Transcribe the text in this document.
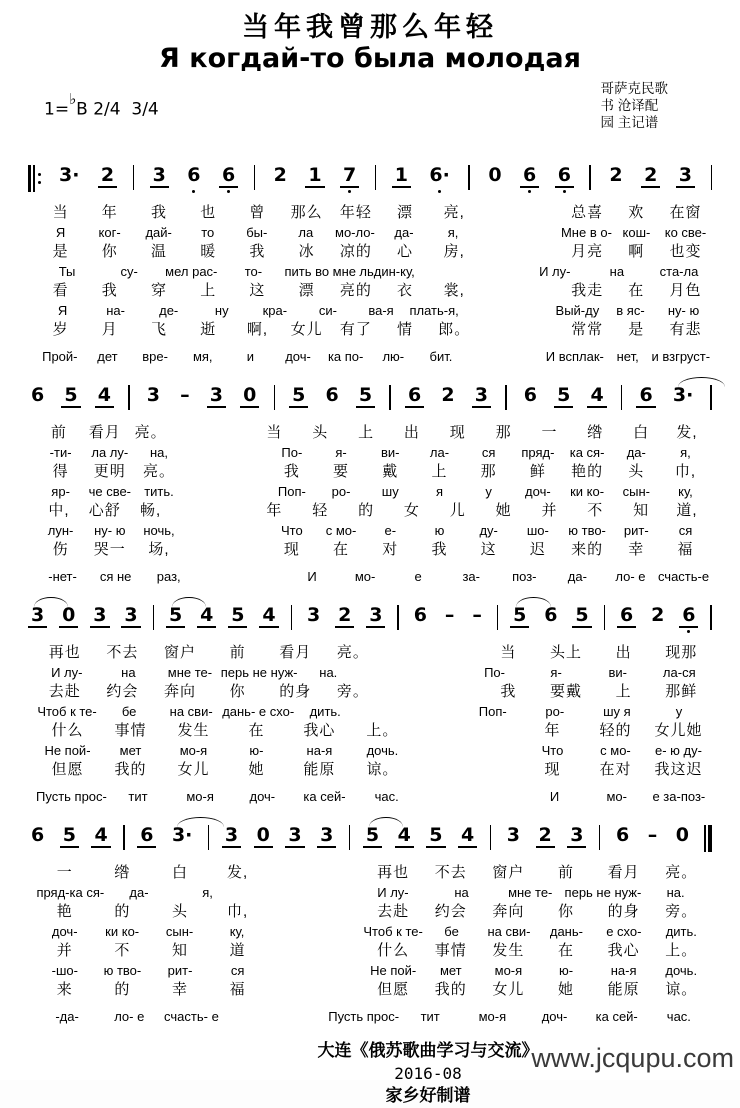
当年我曾那么年轻
Я когдай-то была молодая
1=♭B 2/4  3/4
哥萨克民歌
书 沧译配
园 主记谱
3· 2 3 6 6 2 1 7 1 6· 0 6 6 2 2 3
当	年	我	也	曾	那么	年轻	漂	亮,	总喜	欢	在窗
Я	ког-	дай-	то	бы-	ла	мо-ло-	да-	я,	Мне в о- кош-	ко све-
是	你	温	暖	我	冰	凉的	心	房,	月亮	啊	也变
Ты	су-	мел рас-	то-	пить во мне льдин-ку,	И лу-	на	ста-ла
看	我	穿	上	这	漂	亮的	衣	裳,	我走	在	月色
Я	на-	де-	ну	кра-	си-	ва-я	плать-я,	Вый-ду	в яс-	ну- ю
岁	月	飞	逝	啊,	女儿	有了	情	郎。	常常	是	有悲
Прой-	дет	вре-	мя,	и	доч-	ка по-	лю-	бит.	И всплак- нет, и взгруст-
6 5 4 3 – 3 0 5 6 5 6 2 3 6 5 4 6 3·
前	看月 亮。	当	头	上	出	现	那	一	绺	白	发,
-ти-	ла лу-	на,	По-	я-	ви-	ла-	ся	пряд-	ка ся-	да-	я,
得	更明	亮。	我	要	戴	上	那	鲜	艳的	头	巾,
яр-	че све-	тить.	Поп-	ро-	шу	я	у	доч-	ки ко-	сын-	ку,
中,	心舒	畅,	年	轻	的	女	儿	她	并	不	知	道,
лун-	ну- ю	ночь,	Что	с мо-	е-	ю	ду-	шо-	ю тво-	рит-	ся
伤	哭一	场,	现	在	对	我	这	迟	来的	幸	福
-нет-	ся не	раз,	И	мо-	е	за-	поз-	да-	ло- е счасть-е
3 0 3 3 5 4 5 4 3 2 3 6 – – 5 6 5 6 2 6
再也	不去	窗户	前	看月	亮。	当	头上	出	现那
И лу-	на	мне те- перь не нуж-	на.	По-	я-	ви-	ла-ся
去赴	约会	奔向	你	的身	旁。	我	要戴	上	那鲜
Чтоб к те-	бе	на сви- дань- е схо-	дить.	Поп-	ро-	шу я	у
什么	事情	发生	在	我心	上。	年	轻的	女儿她
Не пой-	мет	мо-я	ю-	на-я	дочь.	Что	с мо-	е- ю ду-
但愿	我的	女儿	她	能原	谅。	现	在对	我这迟
Пусть прос-	тит	мо-я	доч-	ка сей-	час.	И	мо-	е за-поз-
6 5 4 6 3· 3 0 3 3 5 4 5 4 3 2 3 6 – 0
一	绺	白	发,	再也	不去	窗户	前	看月	亮。
пряд-ка ся-	да-	я,	И лу-	на	мне те- перь не нуж-	на.
艳	的	头	巾,	去赴	约会	奔向	你	的身	旁。
доч-	ки ко-	сын-	ку,	Чтоб к те-	бе	на сви-	дань-	е схо-	дить.
并	不	知	道	什么	事情	发生	在	我心	上。
-шо-	ю тво-	рит-	ся	Не пой-	мет	мо-я	ю-	на-я	дочь.
来	的	幸	福	但愿	我的	女儿	她	能原	谅。
-да-	ло- е	счасть- е	Пусть прос-	тит	мо-я	доч-	ка сей-	час.
大连《俄苏歌曲学习与交流》
2016-08
家乡好制谱
www.jcqupu.com
